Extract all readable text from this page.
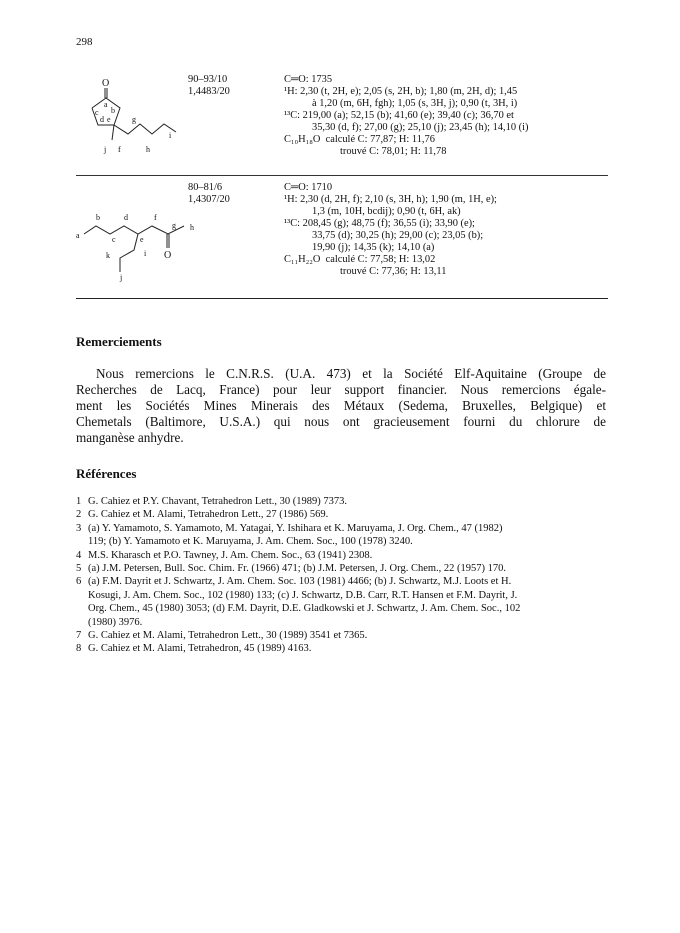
298
O
a
b
c
d e	g
i
j f	h
90–93/10
1,4483/20
C═O: 1735
¹H: 2,30 (t, 2H, e); 2,05 (s, 2H, b); 1,80 (m, 2H, d); 1,45
à 1,20 (m, 6H, fgh); 1,05 (s, 3H, j); 0,90 (t, 3H, i)
¹³C: 219,00 (a); 52,15 (b); 41,60 (e); 39,40 (c); 36,70 et
35,30 (d, f); 27,00 (g); 25,10 (j); 23,45 (h); 14,10 (i)
C₁₀H₁₈O calculé C: 77,87; H: 11,76
trouvé C: 78,01; H: 11,78
a
b
c
d
e
f
g h
i
j
k	O
80–81/6
1,4307/20
C═O: 1710
¹H: 2,30 (d, 2H, f); 2,10 (s, 3H, h); 1,90 (m, 1H, e);
1,3 (m, 10H, bcdij); 0,90 (t, 6H, ak)
¹³C: 208,45 (g); 48,75 (f); 36,55 (i); 33,90 (e);
33,75 (d); 30,25 (h); 29,00 (c); 23,05 (b);
19,90 (j); 14,35 (k); 14,10 (a)
C₁₁H₂₂O calculé C: 77,58; H: 13,02
trouvé C: 77,36; H: 13,11
Remerciements
Nous remercions le C.N.R.S. (U.A. 473) et la Société Elf-Aquitaine (Groupe de
Recherches de Lacq, France) pour leur support financier. Nous remercions égale-
ment les Sociétés Mines Minerais des Métaux (Sedema, Bruxelles, Belgique) et
Chemetals (Baltimore, U.S.A.) qui nous ont gracieusement fourni du chlorure de
manganèse anhydre.
Références
1 G. Cahiez et P.Y. Chavant, Tetrahedron Lett., 30 (1989) 7373.
2 G. Cahiez et M. Alami, Tetrahedron Lett., 27 (1986) 569.
3 (a) Y. Yamamoto, S. Yamamoto, M. Yatagai, Y. Ishihara et K. Maruyama, J. Org. Chem., 47 (1982)
119; (b) Y. Yamamoto et K. Maruyama, J. Am. Chem. Soc., 100 (1978) 3240.
4 M.S. Kharasch et P.O. Tawney, J. Am. Chem. Soc., 63 (1941) 2308.
5 (a) J.M. Petersen, Bull. Soc. Chim. Fr. (1966) 471; (b) J.M. Petersen, J. Org. Chem., 22 (1957) 170.
6 (a) F.M. Dayrit et J. Schwartz, J. Am. Chem. Soc. 103 (1981) 4466; (b) J. Schwartz, M.J. Loots et H.
Kosugi, J. Am. Chem. Soc., 102 (1980) 133; (c) J. Schwartz, D.B. Carr, R.T. Hansen et F.M. Dayrit, J.
Org. Chem., 45 (1980) 3053; (d) F.M. Dayrit, D.E. Gladkowski et J. Schwartz, J. Am. Chem. Soc., 102
(1980) 3976.
7 G. Cahiez et M. Alami, Tetrahedron Lett., 30 (1989) 3541 et 7365.
8 G. Cahiez et M. Alami, Tetrahedron, 45 (1989) 4163.
